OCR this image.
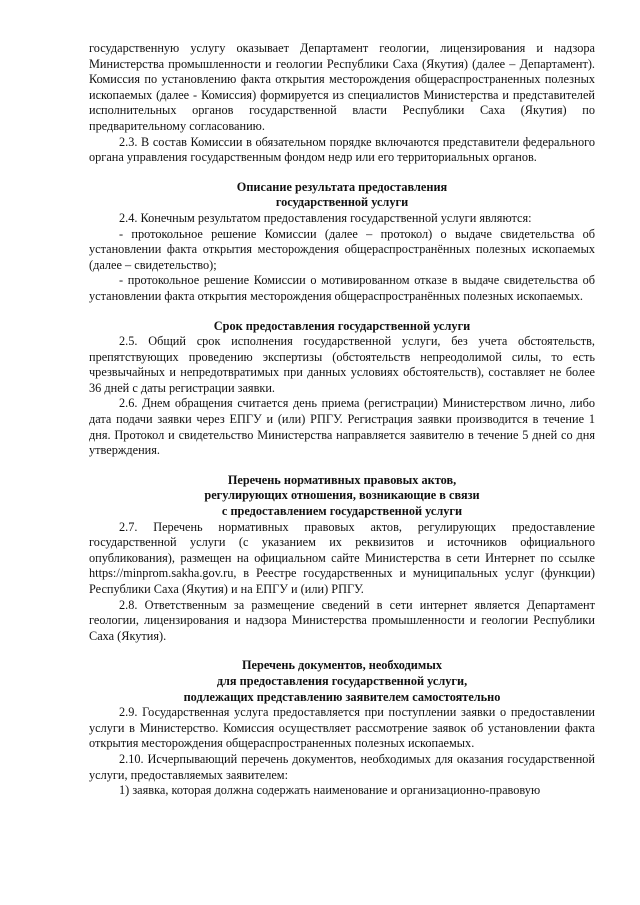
государственную услугу оказывает Департамент геологии, лицензирования и надзора Министерства промышленности и геологии Республики Саха (Якутия) (далее – Департамент). Комиссия по установлению факта открытия месторождения общераспространенных полезных ископаемых (далее - Комиссия) формируется из специалистов Министерства и представителей исполнительных органов государственной власти Республики Саха (Якутия) по предварительному согласованию.

2.3. В состав Комиссии в обязательном порядке включаются представители федерального органа управления государственным фондом недр или его территориальных органов.

Описание результата предоставления

государственной услуги

2.4. Конечным результатом предоставления государственной услуги являются:

- протокольное решение Комиссии (далее – протокол) о выдаче свидетельства об установлении факта открытия месторождения общераспространённых полезных ископаемых (далее – свидетельство);

- протокольное решение Комиссии о мотивированном отказе в выдаче свидетельства об установлении факта открытия месторождения общераспространённых полезных ископаемых.

Срок предоставления государственной услуги

2.5. Общий срок исполнения государственной услуги, без учета обстоятельств, препятствующих проведению экспертизы (обстоятельств непреодолимой силы, то есть чрезвычайных и непредотвратимых при данных условиях обстоятельств), составляет не более 36 дней с даты регистрации заявки.

2.6. Днем обращения считается день приема (регистрации) Министерством лично, либо дата подачи заявки через ЕПГУ и (или) РПГУ. Регистрация заявки производится в течение 1 дня. Протокол и свидетельство Министерства направляется заявителю в течение 5 дней со дня утверждения.

Перечень нормативных правовых актов,

регулирующих отношения, возникающие в связи

с предоставлением государственной услуги

2.7. Перечень нормативных правовых актов, регулирующих предоставление государственной услуги (с указанием их реквизитов и источников официального опубликования), размещен на официальном сайте Министерства в сети Интернет по ссылке https://minprom.sakha.gov.ru, в Реестре государственных и муниципальных услуг (функции) Республики Саха (Якутия) и на ЕПГУ и (или) РПГУ.

2.8. Ответственным за размещение сведений в сети интернет является Департамент геологии, лицензирования и надзора Министерства промышленности и геологии Республики Саха (Якутия).

Перечень документов, необходимых

для предоставления государственной услуги,

подлежащих представлению заявителем самостоятельно

2.9. Государственная услуга предоставляется при поступлении заявки о предоставлении услуги в Министерство. Комиссия осуществляет рассмотрение заявок об установлении факта открытия месторождения общераспространенных полезных ископаемых.

2.10. Исчерпывающий перечень документов, необходимых для оказания государственной услуги, предоставляемых заявителем:

1) заявка, которая должна содержать наименование и организационно-правовую
